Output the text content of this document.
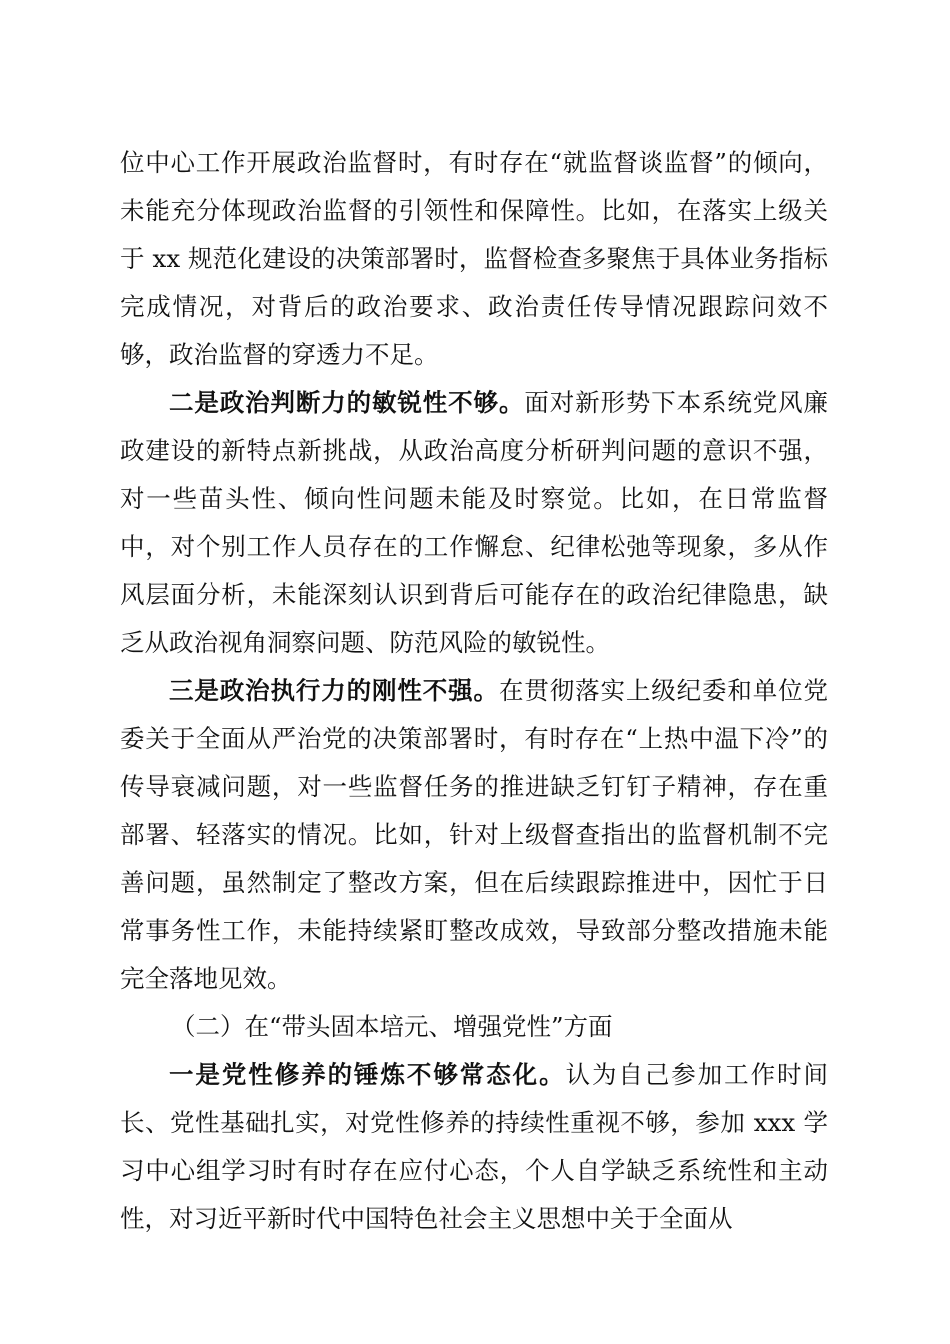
位中心工作开展政治监督时，有时存在“就监督谈监督”的倾向，未能充分体现政治监督的引领性和保障性。比如，在落实上级关于 xx 规范化建设的决策部署时，监督检查多聚焦于具体业务指标完成情况，对背后的政治要求、政治责任传导情况跟踪问效不够，政治监督的穿透力不足。

二是政治判断力的敏锐性不够。面对新形势下本系统党风廉政建设的新特点新挑战，从政治高度分析研判问题的意识不强，对一些苗头性、倾向性问题未能及时察觉。比如，在日常监督中，对个别工作人员存在的工作懈怠、纪律松弛等现象，多从作风层面分析，未能深刻认识到背后可能存在的政治纪律隐患，缺乏从政治视角洞察问题、防范风险的敏锐性。

三是政治执行力的刚性不强。在贯彻落实上级纪委和单位党委关于全面从严治党的决策部署时，有时存在“上热中温下冷”的传导衰减问题，对一些监督任务的推进缺乏钉钉子精神，存在重部署、轻落实的情况。比如，针对上级督查指出的监督机制不完善问题，虽然制定了整改方案，但在后续跟踪推进中，因忙于日常事务性工作，未能持续紧盯整改成效，导致部分整改措施未能完全落地见效。

（二）在“带头固本培元、增强党性”方面

一是党性修养的锤炼不够常态化。认为自己参加工作时间长、党性基础扎实，对党性修养的持续性重视不够，参加 xxx 学习中心组学习时有时存在应付心态，个人自学缺乏系统性和主动性，对习近平新时代中国特色社会主义思想中关于全面从
